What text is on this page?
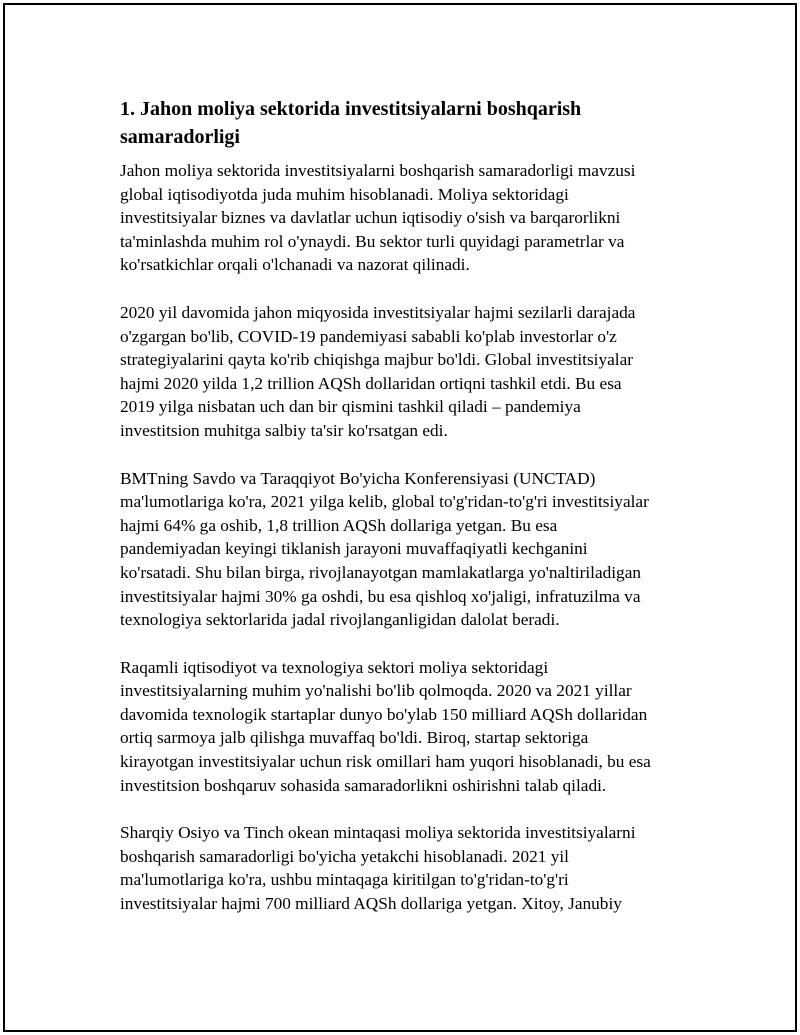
1. Jahon moliya sektorida investitsiyalarni boshqarish
samaradorligi

Jahon moliya sektorida investitsiyalarni boshqarish samaradorligi mavzusi
global iqtisodiyotda juda muhim hisoblanadi. Moliya sektoridagi
investitsiyalar biznes va davlatlar uchun iqtisodiy o'sish va barqarorlikni
ta'minlashda muhim rol o'ynaydi. Bu sektor turli quyidagi parametrlar va
ko'rsatkichlar orqali o'lchanadi va nazorat qilinadi.

2020 yil davomida jahon miqyosida investitsiyalar hajmi sezilarli darajada
o'zgargan bo'lib, COVID-19 pandemiyasi sababli ko'plab investorlar o'z
strategiyalarini qayta ko'rib chiqishga majbur bo'ldi. Global investitsiyalar
hajmi 2020 yilda 1,2 trillion AQSh dollaridan ortiqni tashkil etdi. Bu esa
2019 yilga nisbatan uch dan bir qismini tashkil qiladi – pandemiya
investitsion muhitga salbiy ta'sir ko'rsatgan edi.

BMTning Savdo va Taraqqiyot Bo'yicha Konferensiyasi (UNCTAD)
ma'lumotlariga ko'ra, 2021 yilga kelib, global to'g'ridan-to'g'ri investitsiyalar
hajmi 64% ga oshib, 1,8 trillion AQSh dollariga yetgan. Bu esa
pandemiyadan keyingi tiklanish jarayoni muvaffaqiyatli kechganini
ko'rsatadi. Shu bilan birga, rivojlanayotgan mamlakatlarga yo'naltiriladigan
investitsiyalar hajmi 30% ga oshdi, bu esa qishloq xo'jaligi, infratuzilma va
texnologiya sektorlarida jadal rivojlanganligidan dalolat beradi.

Raqamli iqtisodiyot va texnologiya sektori moliya sektoridagi
investitsiyalarning muhim yo'nalishi bo'lib qolmoqda. 2020 va 2021 yillar
davomida texnologik startaplar dunyo bo'ylab 150 milliard AQSh dollaridan
ortiq sarmoya jalb qilishga muvaffaq bo'ldi. Biroq, startap sektoriga
kirayotgan investitsiyalar uchun risk omillari ham yuqori hisoblanadi, bu esa
investitsion boshqaruv sohasida samaradorlikni oshirishni talab qiladi.

Sharqiy Osiyo va Tinch okean mintaqasi moliya sektorida investitsiyalarni
boshqarish samaradorligi bo'yicha yetakchi hisoblanadi. 2021 yil
ma'lumotlariga ko'ra, ushbu mintaqaga kiritilgan to'g'ridan-to'g'ri
investitsiyalar hajmi 700 milliard AQSh dollariga yetgan. Xitoy, Janubiy
